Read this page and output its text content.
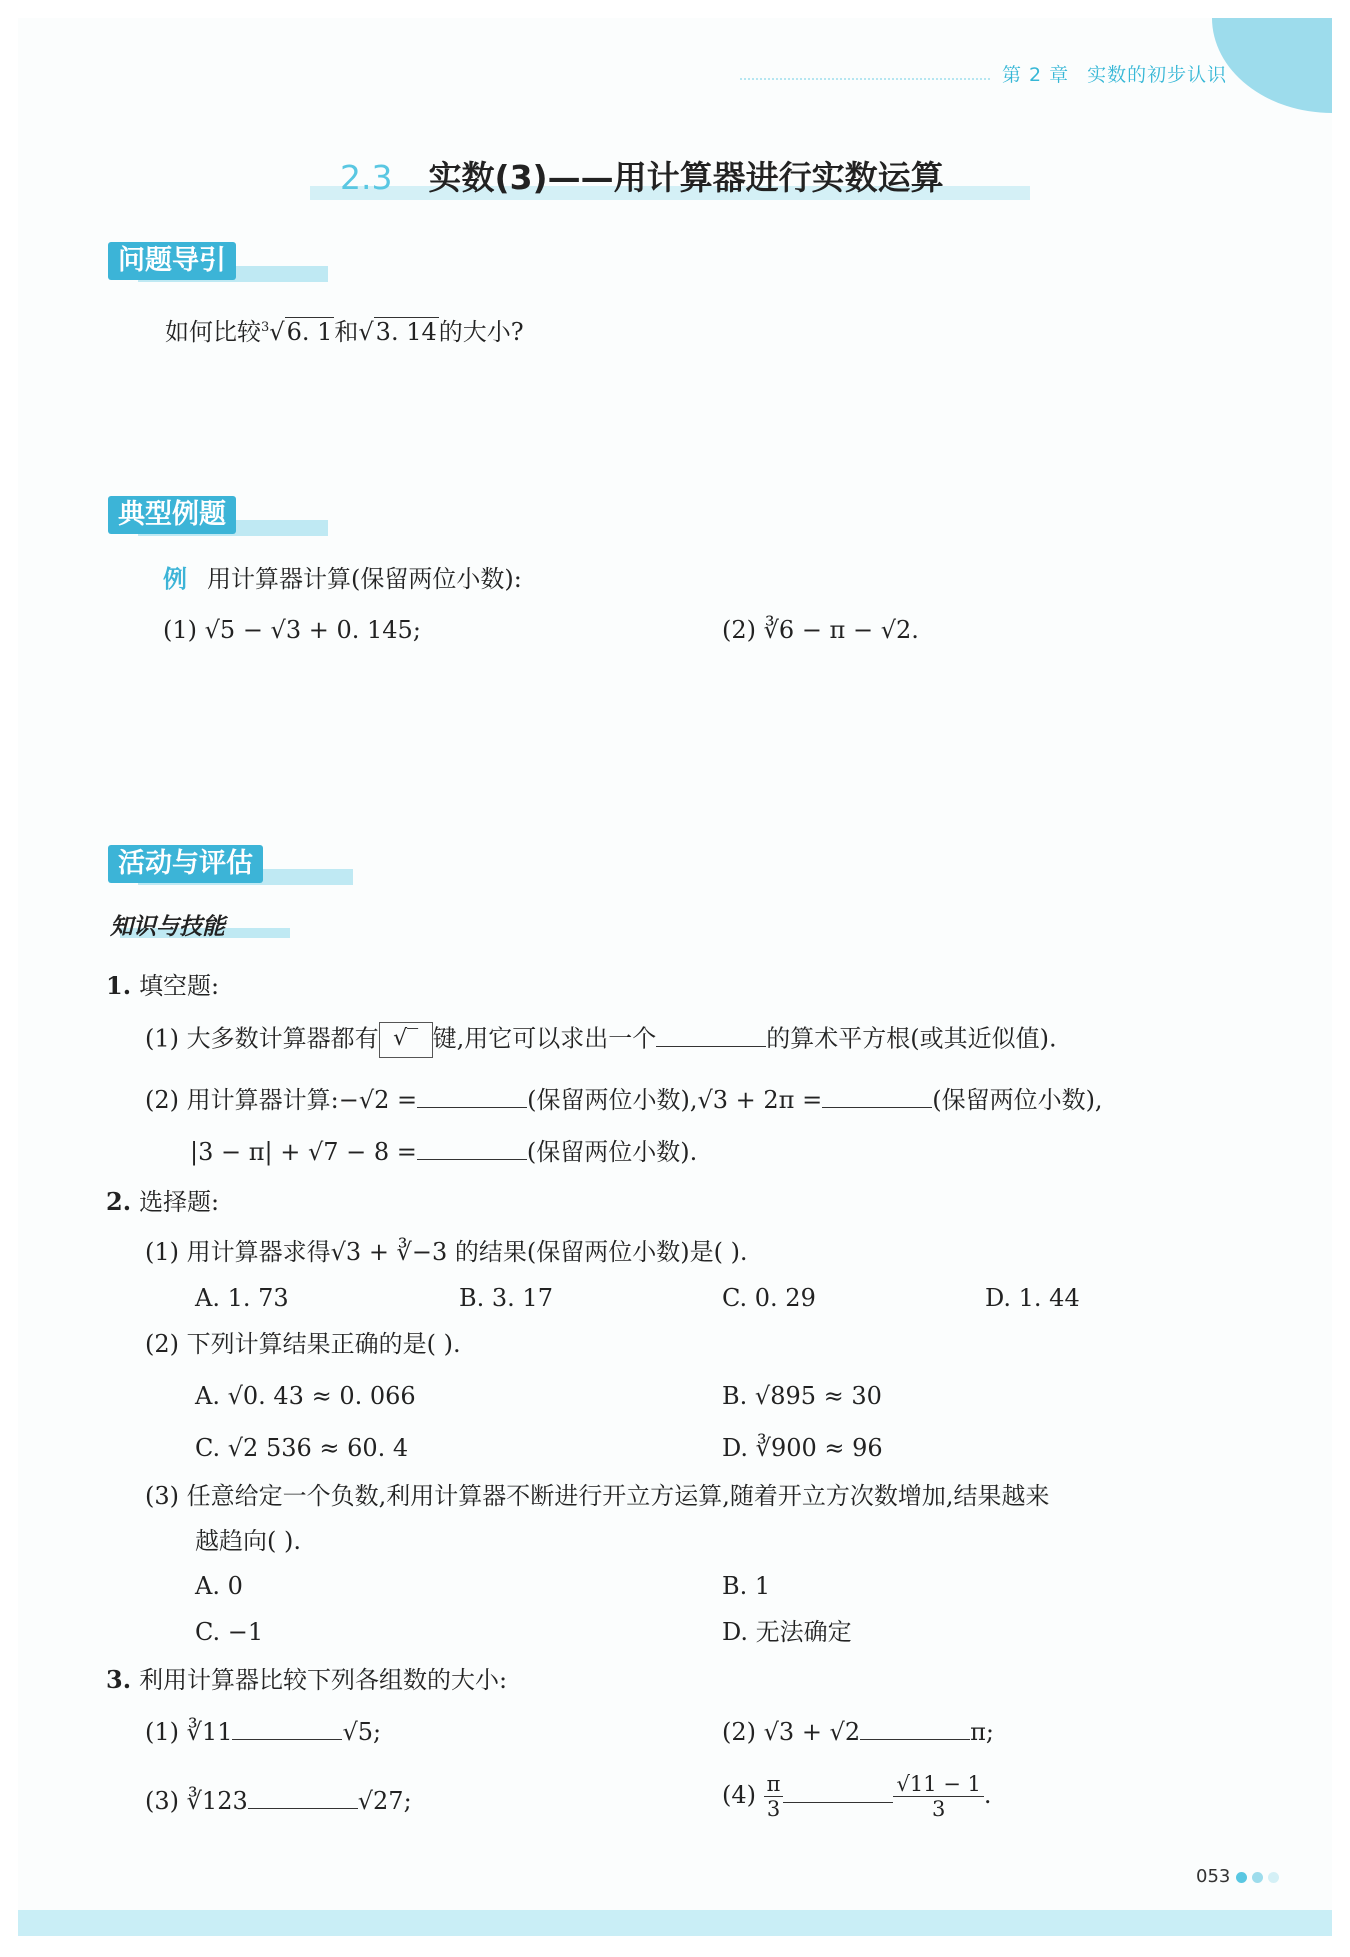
第 2 章 实数的初步认识
2.3 实数(3)——用计算器进行实数运算
问题导引
如何比较$^3$√6. 1和√3. 14的大小?
典型例题
例 用计算器计算(保留两位小数):
(1) √5 − √3 + 0. 145;	(2) ∛6 − π − √2.
活动与评估
知识与技能
1. 填空题:
(1) 大多数计算器都有 √‾ 键,用它可以求出一个	的算术平方根(或其近似值).
(2) 用计算器计算:−√2 =	(保留两位小数),√3 + 2π =	(保留两位小数),
|3 − π| + √7 − 8 =	(保留两位小数).
2. 选择题:
(1) 用计算器求得√3 + ∛−3 的结果(保留两位小数)是( ).
A. 1. 73	B. 3. 17	C. 0. 29	D. 1. 44
(2) 下列计算结果正确的是( ).
A. √0. 43 ≈ 0. 066	B. √895 ≈ 30
C. √2 536 ≈ 60. 4	D. ∛900 ≈ 96
(3) 任意给定一个负数,利用计算器不断进行开立方运算,随着开立方次数增加,结果越来
越趋向( ).
A. 0	B. 1
C. −1	D. 无法确定
3. 利用计算器比较下列各组数的大小:
(1) ∛11	√5;	(2) √3 + √2	π;
(3) ∛123	√27;	$(4) \frac{\pi}{3}$	$\frac{√11 - 1}{3}$ .
053
